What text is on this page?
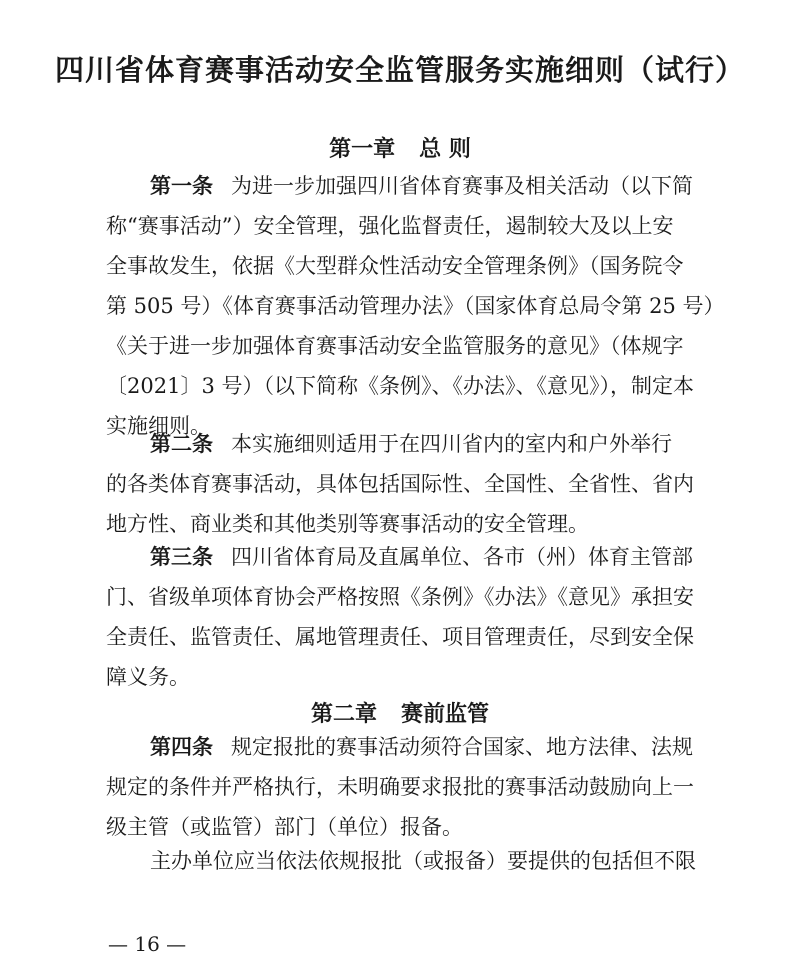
四川省体育赛事活动安全监管服务实施细则（试行）
第一章 总 则
第一条 为进一步加强四川省体育赛事及相关活动（以下简
称“赛事活动”）安全管理，强化监督责任，遏制较大及以上安
全事故发生，依据《大型群众性活动安全管理条例》（国务院令
第 505 号）《体育赛事活动管理办法》（国家体育总局令第 25 号）
《关于进一步加强体育赛事活动安全监管服务的意见》（体规字
〔2021〕3 号）（以下简称《条例》、《办法》、《意见》），制定本
实施细则。
第二条 本实施细则适用于在四川省内的室内和户外举行
的各类体育赛事活动，具体包括国际性、全国性、全省性、省内
地方性、商业类和其他类别等赛事活动的安全管理。
第三条 四川省体育局及直属单位、各市（州）体育主管部
门、省级单项体育协会严格按照《条例》《办法》《意见》承担安
全责任、监管责任、属地管理责任、项目管理责任，尽到安全保
障义务。
第二章 赛前监管
第四条 规定报批的赛事活动须符合国家、地方法律、法规
规定的条件并严格执行，未明确要求报批的赛事活动鼓励向上一
级主管（或监管）部门（单位）报备。
主办单位应当依法依规报批（或报备）要提供的包括但不限
— 16 —
